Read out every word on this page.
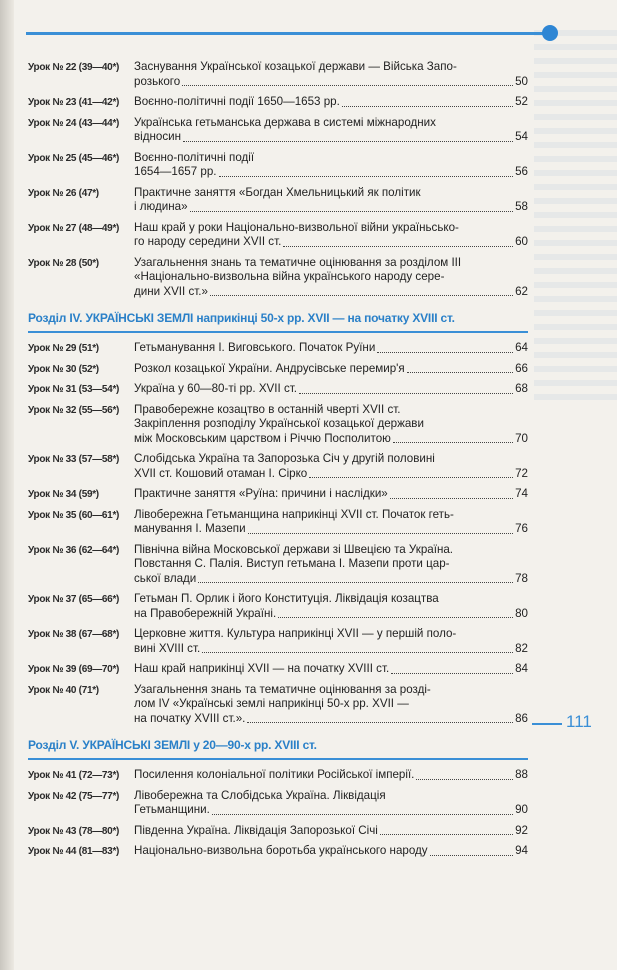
Урок № 22 (39—40*)	Заснування Української козацької держави — Війська Запо-
розького	50
Урок № 23 (41—42*)	Воєнно-політичні події 1650—1653 рр.	52
Урок № 24 (43—44*)	Українська гетьманська держава в системі міжнародних
відносин	54
Урок № 25 (45—46*)	Воєнно-політичні події
1654—1657 рр.	56
Урок № 26 (47*)	Практичне заняття «Богдан Хмельницький як політик
і людина»	58
Урок № 27 (48—49*)	Наш край у роки Національно-визвольної війни україньсько-
го народу середини XVII ст.	60
Урок № 28 (50*)	Узагальнення знань та тематичне оцінювання за розділом III
«Національно-визвольна війна українського народу сере-
дини XVII ст.»	62
Розділ IV. УКРАЇНСЬКІ ЗЕМЛІ наприкінці 50-х рр. XVII — на початку XVIII ст.
Урок № 29 (51*)	Гетьманування І. Виговського. Початок Руїни	64
Урок № 30 (52*)	Розкол козацької України. Андрусівське перемир'я	66
Урок № 31 (53—54*)	Україна у 60—80-ті рр. XVII ст.	68
Урок № 32 (55—56*)	Правобережне козацтво в останній чверті XVII ст.
Закріплення розподілу Української козацької держави
між Московським царством і Річчю Посполитою	70
Урок № 33 (57—58*)	Слобідська Україна та Запорозька Січ у другій половині
XVII ст. Кошовий отаман І. Сірко	72
Урок № 34 (59*)	Практичне заняття «Руїна: причини і наслідки»	74
Урок № 35 (60—61*)	Лівобережна Гетьманщина наприкінці XVII ст. Початок геть-
манування І. Мазепи	76
Урок № 36 (62—64*)	Північна війна Московської держави зі Швецією та Україна.
Повстання С. Палія. Виступ гетьмана І. Мазепи проти цар-
ської влади	78
Урок № 37 (65—66*)	Гетьман П. Орлик і його Конституція. Ліквідація козацтва
на Правобережній Україні.	80
Урок № 38 (67—68*)	Церковне життя. Культура наприкінці XVII — у першій поло-
вині XVIII ст.	82
Урок № 39 (69—70*)	Наш край наприкінці XVII — на початку XVIII ст.	84
Урок № 40 (71*)	Узагальнення знань та тематичне оцінювання за розді-
лом IV «Українські землі наприкінці 50-х рр. XVII —
на початку XVIII ст.».	86
Розділ V. УКРАЇНСЬКІ ЗЕМЛІ у 20—90-х рр. XVIII ст.
Урок № 41 (72—73*)	Посилення колоніальної політики Російської імперії.	88
Урок № 42 (75—77*)	Лівобережна та Слобідська Україна. Ліквідація
Гетьманщини.	90
Урок № 43 (78—80*)	Південна Україна. Ліквідація Запорозької Січі	92
Урок № 44 (81—83*)	Національно-визвольна боротьба українського народу	94
111
